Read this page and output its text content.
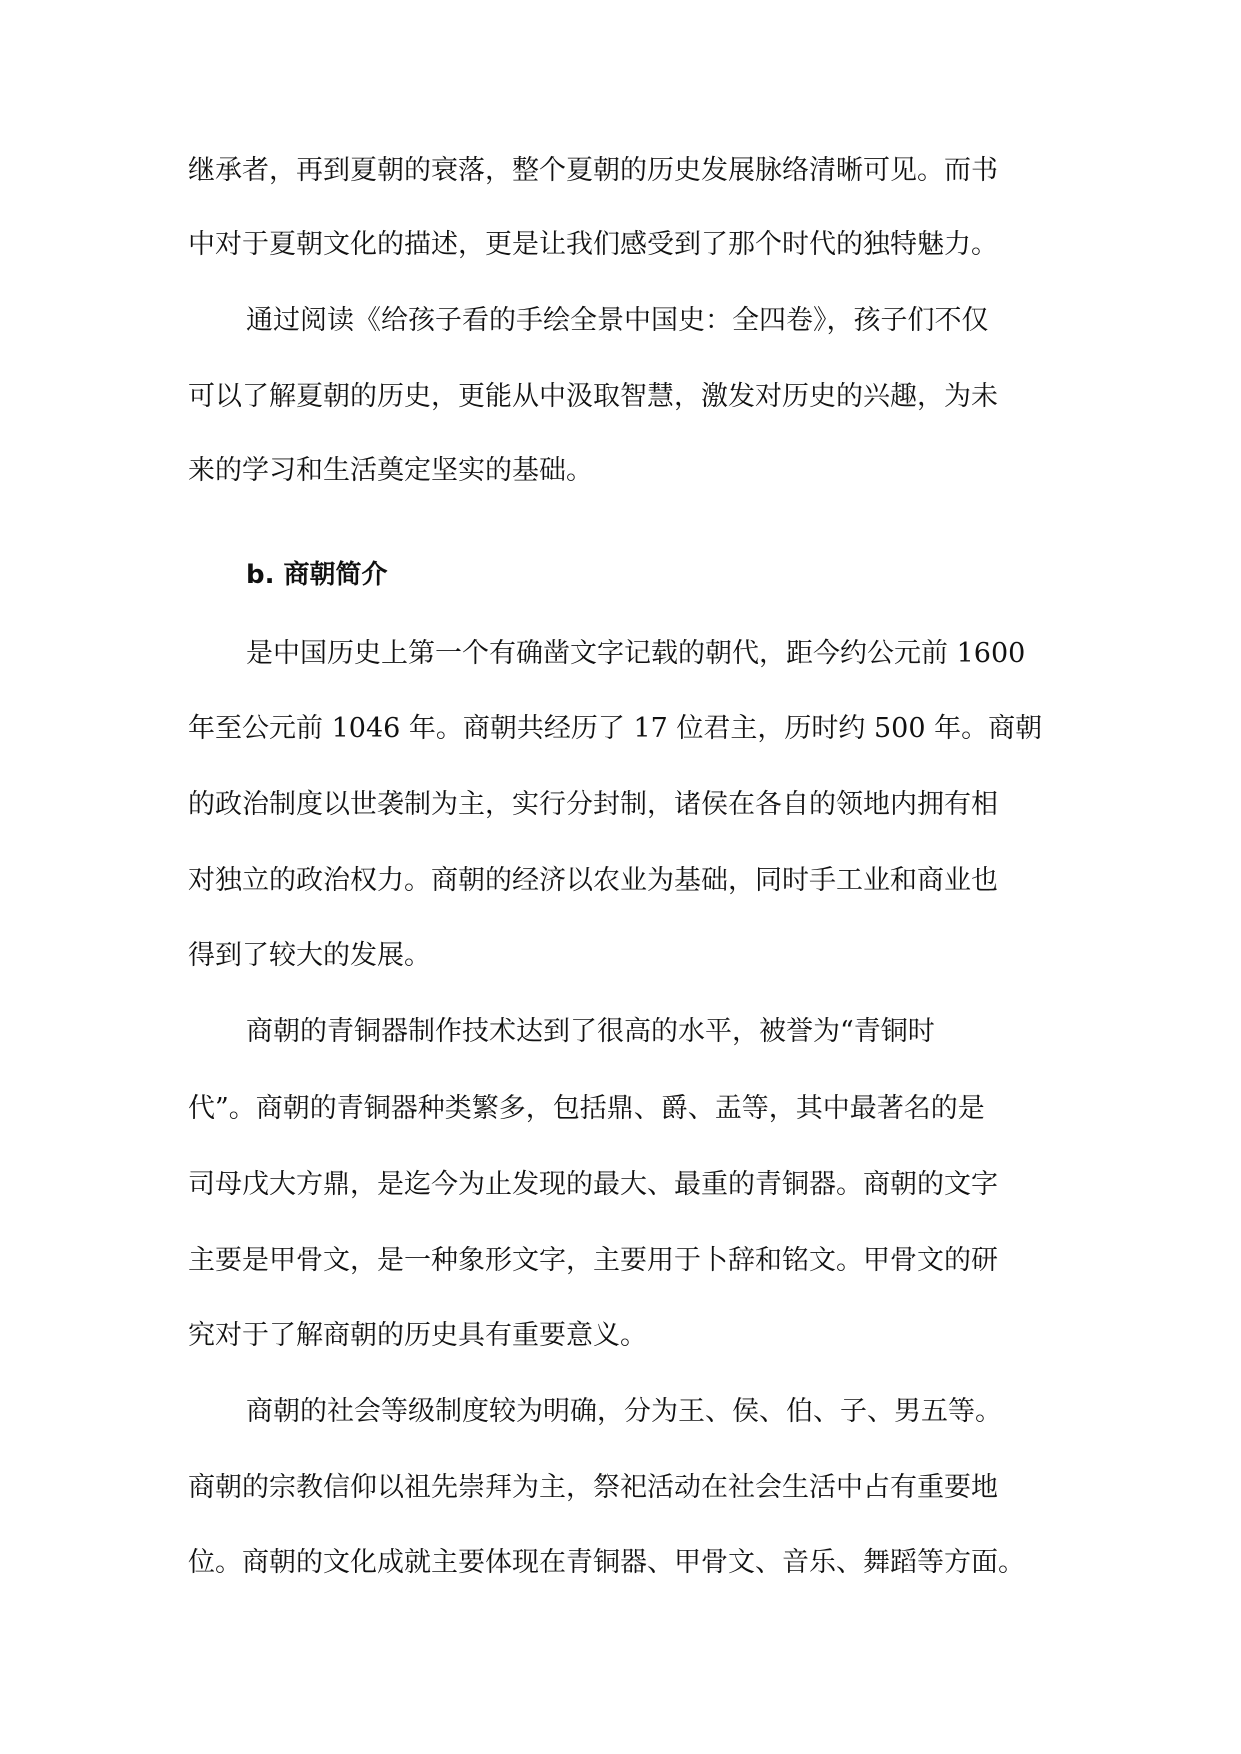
继承者，再到夏朝的衰落，整个夏朝的历史发展脉络清晰可见。而书
中对于夏朝文化的描述，更是让我们感受到了那个时代的独特魅力。
通过阅读《给孩子看的手绘全景中国史：全四卷》，孩子们不仅
可以了解夏朝的历史，更能从中汲取智慧，激发对历史的兴趣，为未
来的学习和生活奠定坚实的基础。
b. 商朝简介
是中国历史上第一个有确凿文字记载的朝代，距今约公元前 1600
年至公元前 1046 年。商朝共经历了 17 位君主，历时约 500 年。商朝
的政治制度以世袭制为主，实行分封制，诸侯在各自的领地内拥有相
对独立的政治权力。商朝的经济以农业为基础，同时手工业和商业也
得到了较大的发展。
商朝的青铜器制作技术达到了很高的水平，被誉为“青铜时
代”。商朝的青铜器种类繁多，包括鼎、爵、盂等，其中最著名的是
司母戊大方鼎，是迄今为止发现的最大、最重的青铜器。商朝的文字
主要是甲骨文，是一种象形文字，主要用于卜辞和铭文。甲骨文的研
究对于了解商朝的历史具有重要意义。
商朝的社会等级制度较为明确，分为王、侯、伯、子、男五等。
商朝的宗教信仰以祖先崇拜为主，祭祀活动在社会生活中占有重要地
位。商朝的文化成就主要体现在青铜器、甲骨文、音乐、舞蹈等方面。
